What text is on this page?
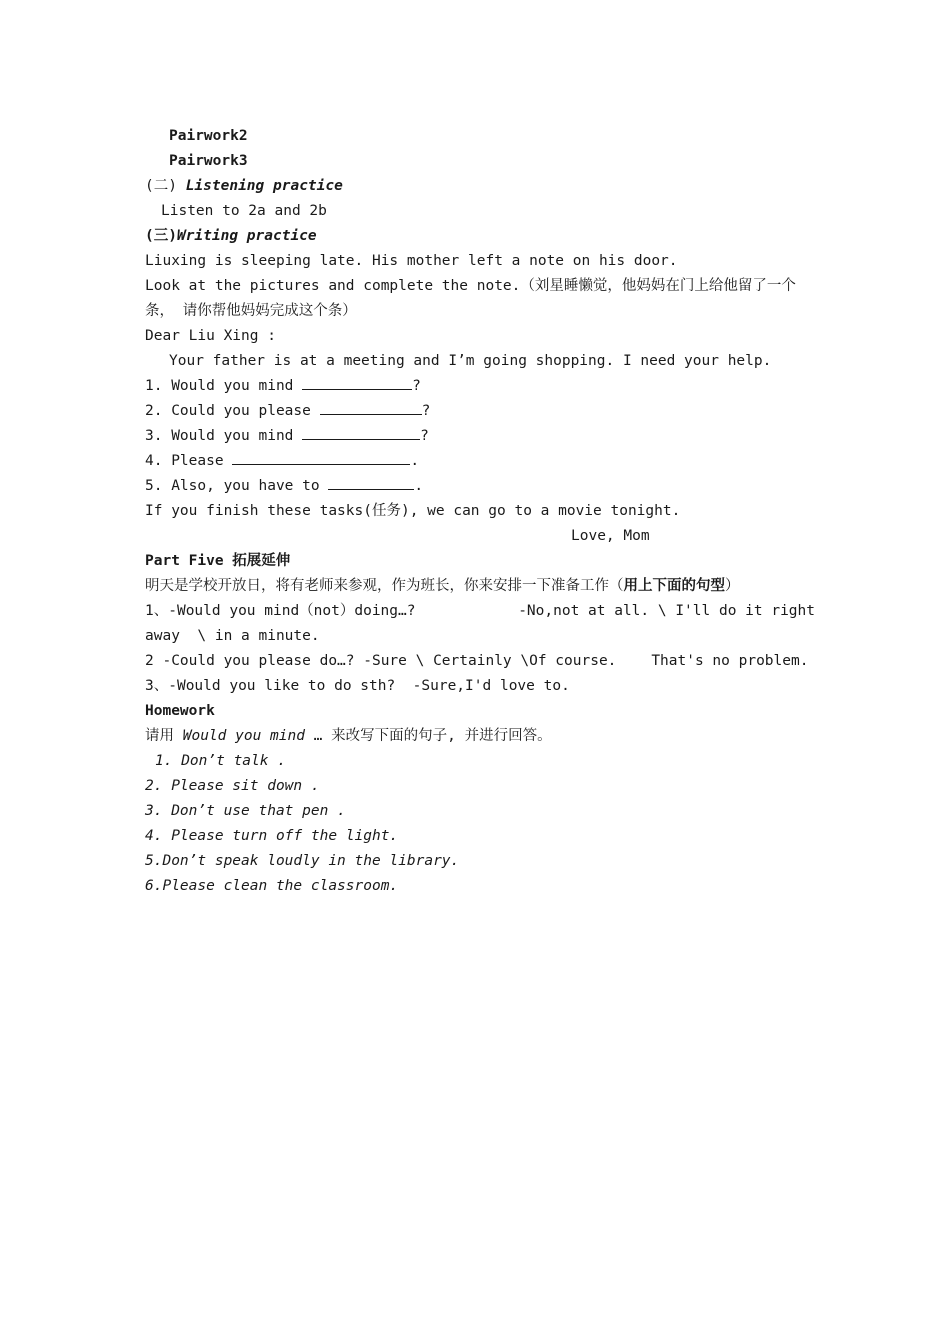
Pairwork2
Pairwork3
(二) Listening practice
Listen to 2a and 2b
(三)Writing practice
Liuxing is sleeping late. His mother left a note on his door.
Look at the pictures and complete the note.（刘星睡懒觉，他妈妈在门上给他留了一个条， 请你帮他妈妈完成这个条）
Dear Liu Xing :
Your father is at a meeting and I’m going shopping. I need your help.
1. Would you mind	?
2. Could you please	?
3. Would you mind	?
4. Please	.
5. Also, you have to	.
If you finish these tasks(任务), we can go to a movie tonight.
Love, Mom
Part Five 拓展延伸
明天是学校开放日，将有老师来参观，作为班长，你来安排一下准备工作（用上下面的句型）
1、-Would you mind（not）doing…?	-No,not at all. \ I'll do it right
away  \ in a minute.
2 -Could you please do…? -Sure \ Certainly \Of course.    That's no problem.
3、-Would you like to do sth?  -Sure,I'd love to.
Homework
请用 Would you mind … 来改写下面的句子, 并进行回答。
1. Don’t talk .
2. Please sit down .
3. Don’t use that pen .
4. Please turn off the light.
5.Don’t speak loudly in the library.
6.Please clean the classroom.
